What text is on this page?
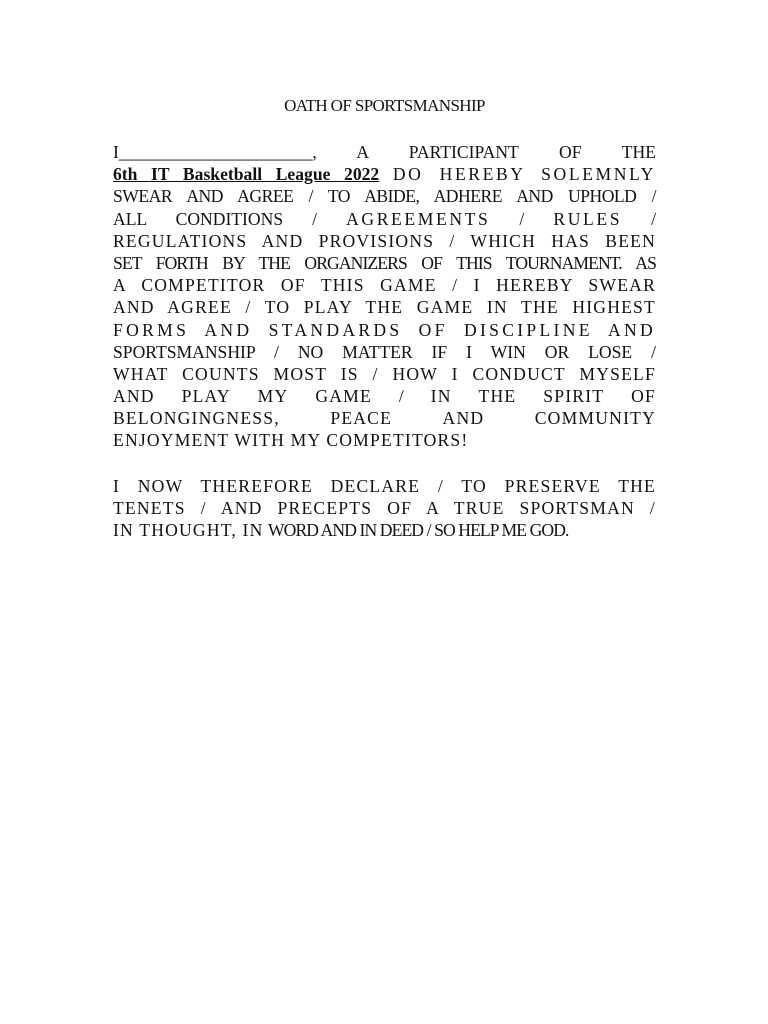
OATH OF SPORTSMANSHIP
I______________________, A PARTICIPANT OF THE
6th IT Basketball League 2022 DO HEREBY SOLEMNLY
SWEAR AND AGREE / TO ABIDE, ADHERE AND UPHOLD /
ALL CONDITIONS / AGREEMENTS / RULES /
REGULATIONS AND PROVISIONS / WHICH HAS BEEN
SET FORTH BY THE ORGANIZERS OF THIS TOURNAMENT. AS
A COMPETITOR OF THIS GAME / I HEREBY SWEAR
AND AGREE / TO PLAY THE GAME IN THE HIGHEST
FORMS AND STANDARDS OF DISCIPLINE AND
SPORTSMANSHIP / NO MATTER IF I WIN OR LOSE /
WHAT COUNTS MOST IS / HOW I CONDUCT MYSELF
AND PLAY MY GAME / IN THE SPIRIT OF
BELONGINGNESS,	PEACE	AND	COMMUNITY
ENJOYMENT WITH MY COMPETITORS!
I NOW THEREFORE DECLARE / TO PRESERVE THE
TENETS / AND PRECEPTS OF A TRUE SPORTSMAN /
IN THOUGHT, IN WORD AND IN DEED / SO HELP ME GOD.
